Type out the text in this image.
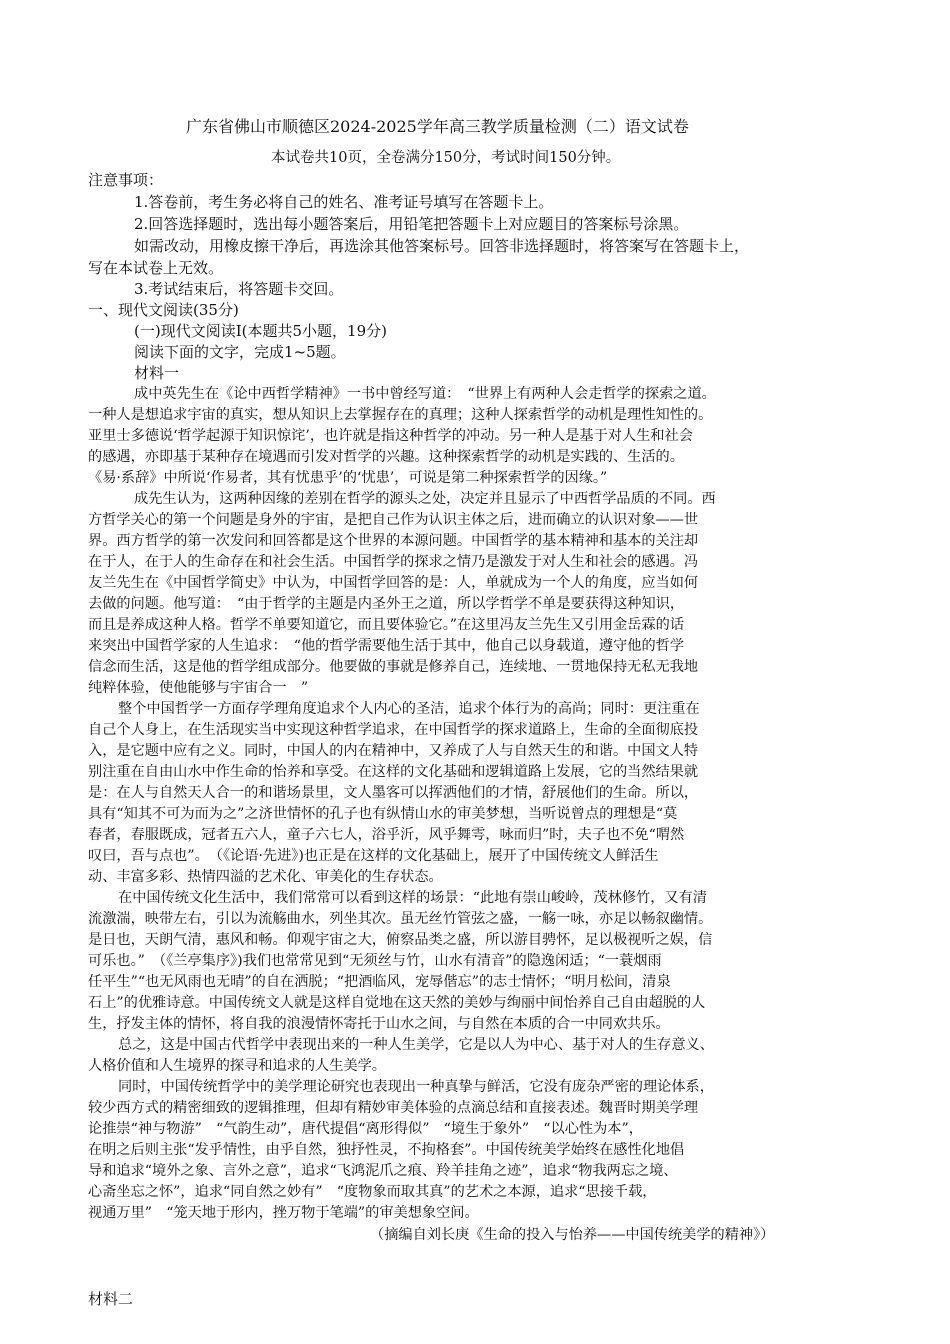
广东省佛山市顺德区2024-2025学年高三教学质量检测（二）语文试卷
本试卷共10页，全卷满分150分，考试时间150分钟。
注意事项：
1.答卷前，考生务必将自己的姓名、准考证号填写在答题卡上。
2.回答选择题时，选出每小题答案后，用铅笔把答题卡上对应题目的答案标号涂黑。
如需改动，用橡皮擦干净后，再选涂其他答案标号。回答非选择题时，将答案写在答题卡上，
写在本试卷上无效。
3.考试结束后，将答题卡交回。
一、现代文阅读(35分)
(一)现代文阅读Ⅰ(本题共5小题，19分)
阅读下面的文字，完成1~5题。
材料一
成中英先生在《论中西哲学精神》一书中曾经写道：　“世界上有两种人会走哲学的探索之道。
一种人是想追求宇宙的真实，想从知识上去掌握存在的真理；这种人探索哲学的动机是理性知性的。
亚里士多德说‘哲学起源于知识惊诧’，也许就是指这种哲学的冲动。另一种人是基于对人生和社会
的感遇，亦即基于某种存在境遇而引发对哲学的兴趣。这种探索哲学的动机是实践的、生活的。
《易·系辞》中所说‘作易者，其有忧患乎’的‘忧患’，可说是第二种探索哲学的因缘。”
成先生认为，这两种因缘的差别在哲学的源头之处，决定并且显示了中西哲学品质的不同。西
方哲学关心的第一个问题是身外的宇宙，是把自己作为认识主体之后，进而确立的认识对象——世
界。西方哲学的第一次发问和回答都是这个世界的本源问题。中国哲学的基本精神和基本的关注却
在于人，在于人的生命存在和社会生活。中国哲学的探求之情乃是激发于对人生和社会的感遇。冯
友兰先生在《中国哲学简史》中认为，中国哲学回答的是：人，单就成为一个人的角度，应当如何
去做的问题。他写道：　“由于哲学的主题是内圣外王之道，所以学哲学不单是要获得这种知识，
而且是养成这种人格。哲学不单要知道它，而且要体验它。”在这里冯友兰先生又引用金岳霖的话
来突出中国哲学家的人生追求：　“他的哲学需要他生活于其中，他自己以身载道，遵守他的哲学
信念而生活，这是他的哲学组成部分。他要做的事就是修养自己，连续地、一贯地保持无私无我地
纯粹体验，使他能够与宇宙合一　”
整个中国哲学一方面存学理角度追求个人内心的圣洁，追求个体行为的高尚；同时：更注重在
自己个人身上，在生活现实当中实现这种哲学追求，在中国哲学的探求道路上，生命的全面彻底投
入，是它题中应有之义。同时，中国人的内在精神中，又养成了人与自然天生的和谐。中国文人特
别注重在自由山水中作生命的怡养和享受。在这样的文化基础和逻辑道路上发展，它的当然结果就
是：在人与自然天人合一的和谐场景里，文人墨客可以挥洒他们的才情，舒展他们的生命。所以，
具有“知其不可为而为之”之济世情怀的孔子也有纵情山水的审美梦想，当听说曾点的理想是“莫
春者，春服既成，冠者五六人，童子六七人，浴乎沂，风乎舞雩，咏而归”时，夫子也不免“喟然
叹曰，吾与点也”。　（《论语·先进》)也正是在这样的文化基础上，展开了中国传统文人鲜活生
动、丰富多彩、热情四溢的艺术化、审美化的生存状态。
在中国传统文化生活中，我们常常可以看到这样的场景：“此地有崇山峻岭，茂林修竹，又有清
流激湍，映带左右，引以为流觞曲水，列坐其次。虽无丝竹管弦之盛，一觞一咏，亦足以畅叙幽情。
是日也，天朗气清，惠风和畅。仰观宇宙之大，俯察品类之盛，所以游目骋怀，足以极视听之娱，信
可乐也。”　（《兰亭集序》)我们也常常见到“无须丝与竹，山水有清音”的隐逸闲适；“一蓑烟雨
任平生”“也无风雨也无晴”的自在洒脱；“把酒临风，宠辱偕忘”的志士情怀；“明月松间，清泉
石上”的优雅诗意。中国传统文人就是这样自觉地在这天然的美妙与绚丽中间怡养自己自由超脱的人
生，抒发主体的情怀，将自我的浪漫情怀寄托于山水之间，与自然在本质的合一中同欢共乐。
总之，这是中国古代哲学中表现出来的一种人生美学，它是以人为中心、基于对人的生存意义、
人格价值和人生境界的探寻和追求的人生美学。
同时，中国传统哲学中的美学理论研究也表现出一种真挚与鲜活，它没有庞杂严密的理论体系，
较少西方式的精密细致的逻辑推理，但却有精妙审美体验的点滴总结和直接表述。魏晋时期美学理
论推崇“神与物游”　“气韵生动”，唐代提倡“离形得似”　“境生于象外”　“以心性为本”，
在明之后则主张“发乎情性，由乎自然，独抒性灵，不拘格套”。中国传统美学始终在感性化地倡
导和追求“境外之象、言外之意”，追求“飞鸿泥爪之痕、羚羊挂角之迹”，追求“物我两忘之境、
心斋坐忘之怀”，追求“同自然之妙有”　“度物象而取其真”的艺术之本源，追求“思接千载，
视通万里”　“笼天地于形内，挫万物于笔端”的审美想象空间。
（摘编自刘长庚《生命的投入与怡养——中国传统美学的精神》）
材料二
